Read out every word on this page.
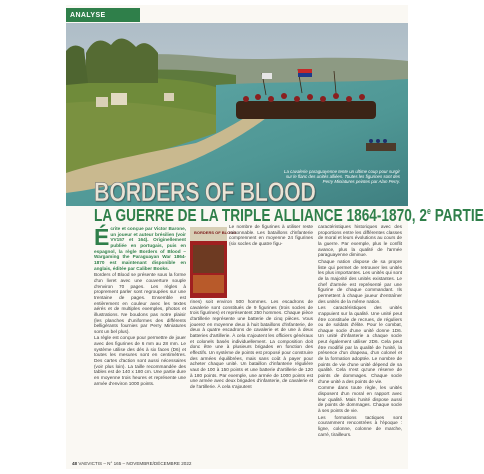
ANALYSE
La cavalerie paraguayenne tente un ultime coup pour surgir sur le flanc des unités alliées. Toutes les figurines sont des Perry Miniatures peintes par Alan Perry.
BORDERS OF BLOOD
LA GUERRE DE LA TRIPLE ALLIANCE 1864-1870, 2e PARTIE

Écrite et conçue par Victor Barone, un joueur et auteur brésilien (voir VV157 et 164). Originellement publiée en portugais, puis en espagnol, la règle Borders of Blood – Wargaming the Paraguayan War 1864-1870 est maintenant disponible en anglais, éditée par Caliber Books.

Borders of Blood se présente sous la forme d'un livret avec une couverture souple d'environ 70 pages. Les règles à proprement parler sont regroupées sur une trentaine de pages. Ensemble est entièrement en couleur avec les textes aérés et de multiples exemples, photos et illustrations. Ne boudons pas notre plaisir (les planches d'uniformes des différents belligérants fournies par Perry Miniatures sont un bel plus).

La règle est conçue pour permettre de jouer avec des figurines de 6 mm au 28 mm. Le système utilise des dés à six faces (D6) et toutes les mesures sont en centimètres. Des cartes d'action sont aussi nécessaires (voir plus loin). La taille recommandée des tables est de 140 x 180 cm. Une partie dure en moyenne trois heures et représente une armée d'environ 1000 points.

BORDERS OF BLOOD

Le nombre de figurines à utiliser reste raisonnable. Les bataillons d'infanterie comprennent en moyenne 24 figurines (six socles de quatre figu-

rines) soit environ 500 hommes. Les escadrons de cavalerie sont constitués de 9 figurines (trois socles de trois figurines) et représentent 250 hommes. Chaque pièce d'artillerie représente une batterie de cinq pièces. Vous jouerez en moyenne deux à huit bataillons d'infanterie, de deux à quatre escadrons de cavalerie et de une à deux batteries d'artillerie. À cela s'ajoutent les officiers généraux et colonels basés individuellement. La composition doit donc être une à plusieurs brigades en fonction des effectifs. Un système de points est proposé pour construire des armées équilibrées, mais sans coût à payer pour acheter chaque unité. Un bataillon d'infanterie régulière vaut de 100 à 150 points et une batterie d'artillerie de 120 à 180 points. Par exemple, une armée de 1000 points est une armée avec deux brigades d'infanterie, de cavalerie et de l'artillerie. À cela s'ajoutent

caractéristiques historiques avec des proportions entre les différentes classes de moral et leurs évolutions au cours de la guerre. Par exemple, plus le conflit avance, plus la qualité de l'armée paraguayenne diminue.

Chaque nation dispose de sa propre liste qui permet de retrouver les unités les plus importantes. Les unités qui sont de la majorité des unités existantes. Le chef d'armée est représenté par une figurine de chaque commandant. Ils permettent à chaque joueur d'entraîner des unités de la même nation.

Les caractéristiques des unités s'appuient sur la qualité. Une unité peut être constituée de recrues, de réguliers ou de soldats d'élite. Pour le combat, chaque socle d'une unité donne 1D6. Un unité d'infanterie a chaque socle peut également utiliser 2D6. Cela peut être modifié par la qualité de l'unité, la présence d'un drapeau, d'un colonel et de la formation adoptée. Le nombre de points de vie d'une unité dépend de sa qualité. Cela n'est qu'une réserve de points de dommages. Chaque socle d'une unité a des points de vie.

Comme dans toute règle, les unités disposent d'un moral en rapport avec leur qualité. Mais l'unité dispose aussi de points de dommages. Chaque socle à ses points de vie.

Les formations tactiques sont couramment rencontrées à l'époque : ligne, colonne, colonne de marche, carré, tirailleurs.

48 VAEVICTIS – N° 165 – NOVEMBRE/DÉCEMBRE 2022
